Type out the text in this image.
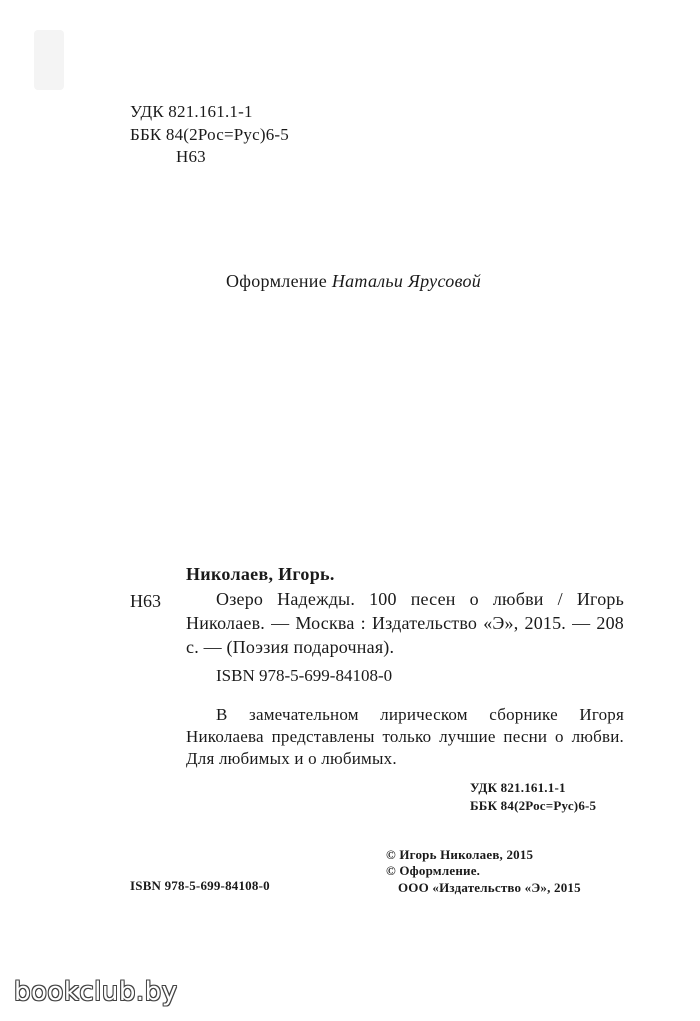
УДК 821.161.1-1
ББК 84(2Рос=Рус)6-5
Н63
Оформление Натальи Ярусовой
Николаев, Игорь.
Н63	Озеро Надежды. 100 песен о любви / Игорь Николаев. — Москва : Издательство «Э», 2015. — 208 с. — (Поэзия подарочная).
ISBN 978-5-699-84108-0
В замечательном лирическом сборнике Игоря Николаева представлены только лучшие песни о любви. Для любимых и о любимых.
УДК 821.161.1-1
ББК 84(2Рос=Рус)6-5
© Игорь Николаев, 2015
© Оформление.
ООО «Издательство «Э», 2015
ISBN 978-5-699-84108-0
bookclub.by
